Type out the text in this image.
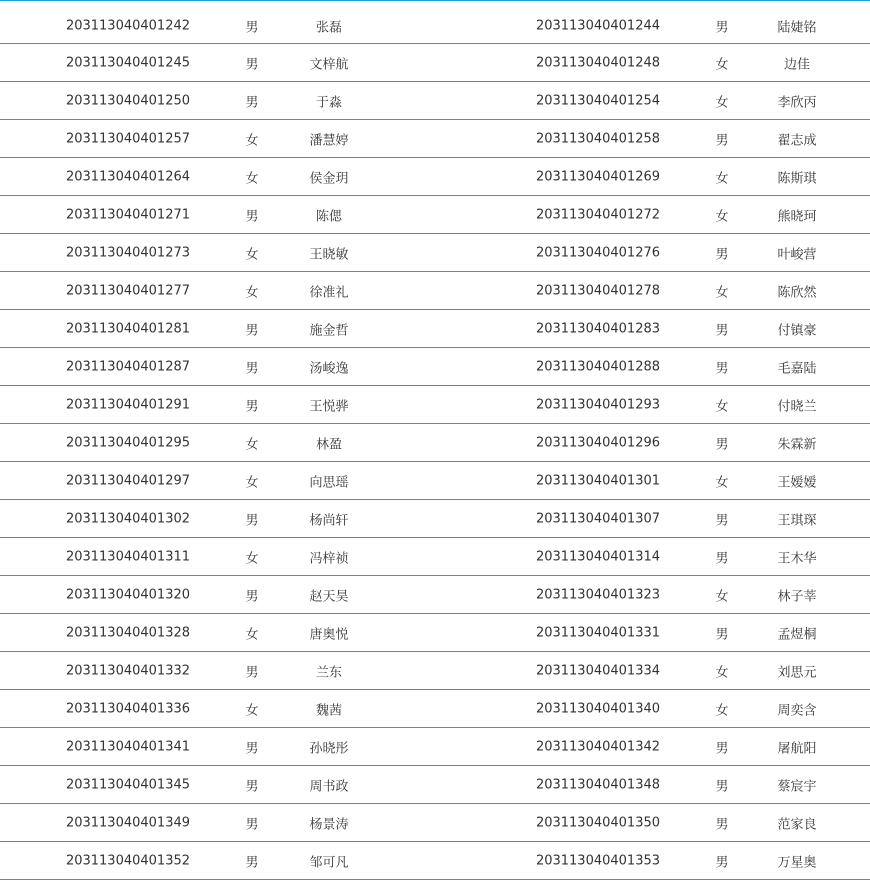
203113040401242	男	张磊	203113040401244	男	陆婕铭
203113040401245	男	文梓航	203113040401248	女	边佳
203113040401250	男	于淼	203113040401254	女	李欣丙
203113040401257	女	潘慧婷	203113040401258	男	翟志成
203113040401264	女	侯金玥	203113040401269	女	陈斯琪
203113040401271	男	陈偲	203113040401272	女	熊晓珂
203113040401273	女	王晓敏	203113040401276	男	叶峻营
203113040401277	女	徐准礼	203113040401278	女	陈欣然
203113040401281	男	施金哲	203113040401283	男	付镇豪
203113040401287	男	汤峻逸	203113040401288	男	毛嘉陆
203113040401291	男	王悦骅	203113040401293	女	付晓兰
203113040401295	女	林盈	203113040401296	男	朱霖新
203113040401297	女	向思瑶	203113040401301	女	王嫒嫒
203113040401302	男	杨尚轩	203113040401307	男	王琪琛
203113040401311	女	冯梓祯	203113040401314	男	王木华
203113040401320	男	赵天昊	203113040401323	女	林子莘
203113040401328	女	唐奥悦	203113040401331	男	孟煜桐
203113040401332	男	兰东	203113040401334	女	刘思元
203113040401336	女	魏茜	203113040401340	女	周奕含
203113040401341	男	孙晓彤	203113040401342	男	屠航阳
203113040401345	男	周书政	203113040401348	男	蔡宸宇
203113040401349	男	杨景涛	203113040401350	男	范家良
203113040401352	男	邹可凡	203113040401353	男	万星奥
